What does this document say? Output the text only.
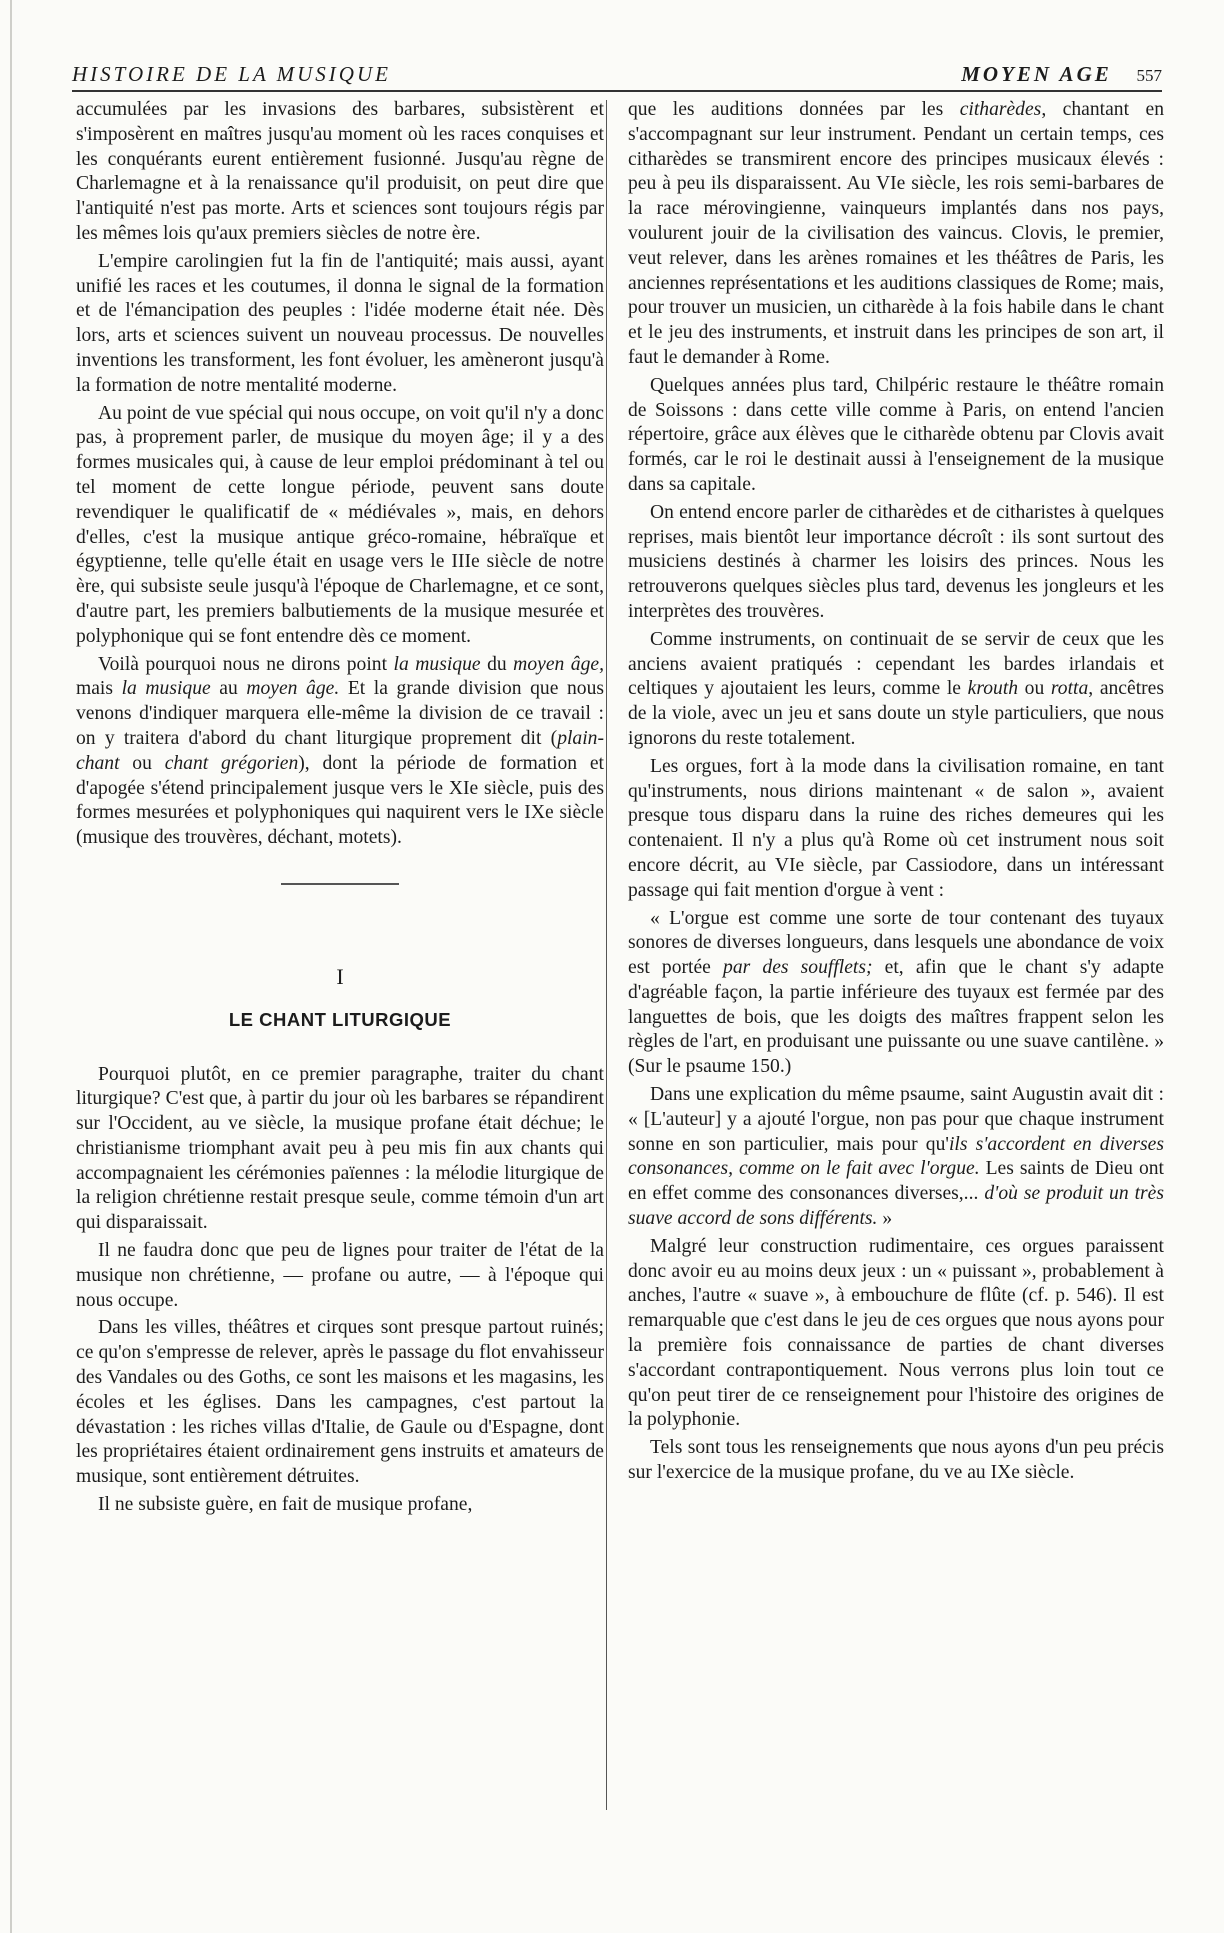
HISTOIRE DE LA MUSIQUE	MOYEN AGE 557

accumulées par les invasions des barbares, subsistèrent et s'imposèrent en maîtres jusqu'au moment où les races conquises et les conquérants eurent entièrement fusionné. Jusqu'au règne de Charlemagne et à la renaissance qu'il produisit, on peut dire que l'antiquité n'est pas morte. Arts et sciences sont toujours régis par les mêmes lois qu'aux premiers siècles de notre ère.

L'empire carolingien fut la fin de l'antiquité; mais aussi, ayant unifié les races et les coutumes, il donna le signal de la formation et de l'émancipation des peuples : l'idée moderne était née. Dès lors, arts et sciences suivent un nouveau processus. De nouvelles inventions les transforment, les font évoluer, les amèneront jusqu'à la formation de notre mentalité moderne.

Au point de vue spécial qui nous occupe, on voit qu'il n'y a donc pas, à proprement parler, de musique du moyen âge; il y a des formes musicales qui, à cause de leur emploi prédominant à tel ou tel moment de cette longue période, peuvent sans doute revendiquer le qualificatif de « médiévales », mais, en dehors d'elles, c'est la musique antique gréco-romaine, hébraïque et égyptienne, telle qu'elle était en usage vers le IIIe siècle de notre ère, qui subsiste seule jusqu'à l'époque de Charlemagne, et ce sont, d'autre part, les premiers balbutiements de la musique mesurée et polyphonique qui se font entendre dès ce moment.

Voilà pourquoi nous ne dirons point la musique du moyen âge, mais la musique au moyen âge. Et la grande division que nous venons d'indiquer marquera elle-même la division de ce travail : on y traitera d'abord du chant liturgique proprement dit (plain-chant ou chant grégorien), dont la période de formation et d'apogée s'étend principalement jusque vers le XIe siècle, puis des formes mesurées et polyphoniques qui naquirent vers le IXe siècle (musique des trouvères, déchant, motets).

I
LE CHANT LITURGIQUE

Pourquoi plutôt, en ce premier paragraphe, traiter du chant liturgique? C'est que, à partir du jour où les barbares se répandirent sur l'Occident, au ve siècle, la musique profane était déchue; le christianisme triomphant avait peu à peu mis fin aux chants qui accompagnaient les cérémonies païennes : la mélodie liturgique de la religion chrétienne restait presque seule, comme témoin d'un art qui disparaissait.

Il ne faudra donc que peu de lignes pour traiter de l'état de la musique non chrétienne, — profane ou autre, — à l'époque qui nous occupe.

Dans les villes, théâtres et cirques sont presque partout ruinés; ce qu'on s'empresse de relever, après le passage du flot envahisseur des Vandales ou des Goths, ce sont les maisons et les magasins, les écoles et les églises. Dans les campagnes, c'est partout la dévastation : les riches villas d'Italie, de Gaule ou d'Espagne, dont les propriétaires étaient ordinairement gens instruits et amateurs de musique, sont entièrement détruites.

Il ne subsiste guère, en fait de musique profane,

que les auditions données par les citharèdes, chantant en s'accompagnant sur leur instrument. Pendant un certain temps, ces citharèdes se transmirent encore des principes musicaux élevés : peu à peu ils disparaissent. Au VIe siècle, les rois semi-barbares de la race mérovingienne, vainqueurs implantés dans nos pays, voulurent jouir de la civilisation des vaincus. Clovis, le premier, veut relever, dans les arènes romaines et les théâtres de Paris, les anciennes représentations et les auditions classiques de Rome; mais, pour trouver un musicien, un citharède à la fois habile dans le chant et le jeu des instruments, et instruit dans les principes de son art, il faut le demander à Rome.

Quelques années plus tard, Chilpéric restaure le théâtre romain de Soissons : dans cette ville comme à Paris, on entend l'ancien répertoire, grâce aux élèves que le citharède obtenu par Clovis avait formés, car le roi le destinait aussi à l'enseignement de la musique dans sa capitale.

On entend encore parler de citharèdes et de citharistes à quelques reprises, mais bientôt leur importance décroît : ils sont surtout des musiciens destinés à charmer les loisirs des princes. Nous les retrouverons quelques siècles plus tard, devenus les jongleurs et les interprètes des trouvères.

Comme instruments, on continuait de se servir de ceux que les anciens avaient pratiqués : cependant les bardes irlandais et celtiques y ajoutaient les leurs, comme le krouth ou rotta, ancêtres de la viole, avec un jeu et sans doute un style particuliers, que nous ignorons du reste totalement.

Les orgues, fort à la mode dans la civilisation romaine, en tant qu'instruments, nous dirions maintenant « de salon », avaient presque tous disparu dans la ruine des riches demeures qui les contenaient. Il n'y a plus qu'à Rome où cet instrument nous soit encore décrit, au VIe siècle, par Cassiodore, dans un intéressant passage qui fait mention d'orgue à vent :

« L'orgue est comme une sorte de tour contenant des tuyaux sonores de diverses longueurs, dans lesquels une abondance de voix est portée par des soufflets; et, afin que le chant s'y adapte d'agréable façon, la partie inférieure des tuyaux est fermée par des languettes de bois, que les doigts des maîtres frappent selon les règles de l'art, en produisant une puissante ou une suave cantilène. » (Sur le psaume 150.)

Dans une explication du même psaume, saint Augustin avait dit : « [L'auteur] y a ajouté l'orgue, non pas pour que chaque instrument sonne en son particulier, mais pour qu'ils s'accordent en diverses consonances, comme on le fait avec l'orgue. Les saints de Dieu ont en effet comme des consonances diverses,... d'où se produit un très suave accord de sons différents. »

Malgré leur construction rudimentaire, ces orgues paraissent donc avoir eu au moins deux jeux : un « puissant », probablement à anches, l'autre « suave », à embouchure de flûte (cf. p. 546). Il est remarquable que c'est dans le jeu de ces orgues que nous ayons pour la première fois connaissance de parties de chant diverses s'accordant contrapontiquement. Nous verrons plus loin tout ce qu'on peut tirer de ce renseignement pour l'histoire des origines de la polyphonie.

Tels sont tous les renseignements que nous ayons d'un peu précis sur l'exercice de la musique profane, du ve au IXe siècle.
